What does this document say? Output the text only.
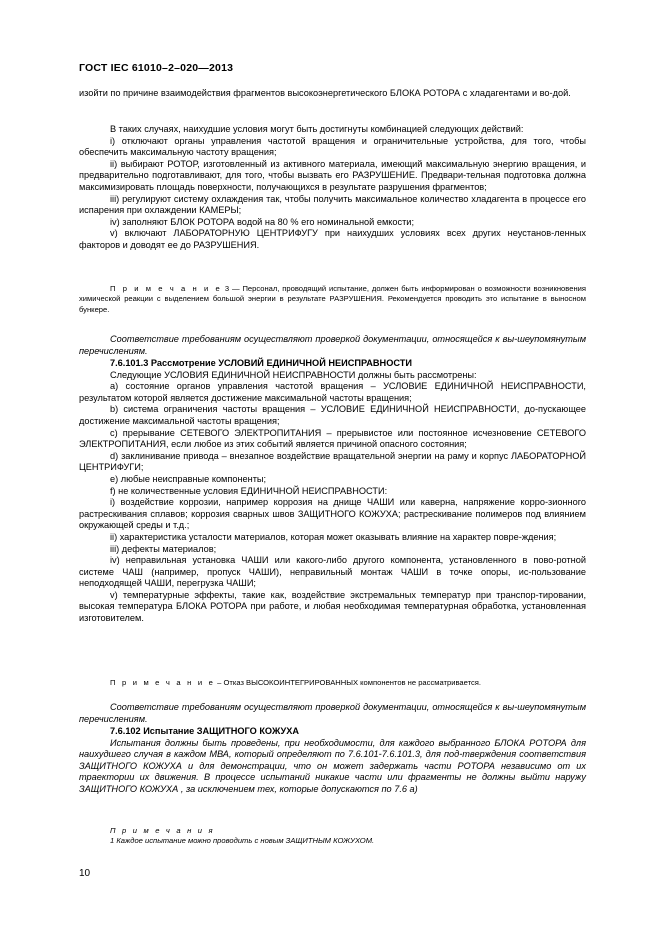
ГОСТ IEC 61010–2–020—2013

изойти по причине взаимодействия фрагментов высокоэнергетического БЛОКА РОТОРА с хладагентами и во-дой.

В таких случаях, наихудшие условия могут быть достигнуты комбинацией следующих действий:

i) отключают органы управления частотой вращения и ограничительные устройства, для того, чтобы обеспечить максимальную частоту вращения;

ii) выбирают РОТОР, изготовленный из активного материала, имеющий максимальную энергию вращения, и предварительно подготавливают, для того, чтобы вызвать его РАЗРУШЕНИЕ. Предвари-тельная подготовка должна максимизировать площадь поверхности, получающихся в результате разрушения фрагментов;

iii) регулируют систему охлаждения так, чтобы получить максимальное количество хладагента в процессе его испарения при охлаждении КАМЕРЫ;

iv) заполняют БЛОК РОТОРА водой на 80 % его номинальной емкости;

v) включают ЛАБОРАТОРНУЮ ЦЕНТРИФУГУ при наихудших условиях всех других неустанов-ленных факторов и доводят ее до РАЗРУШЕНИЯ.

П р и м е ч а н и е 3 — Персонал, проводящий испытание, должен быть информирован о возможности возникновения химической реакции с выделением большой энергии в результате РАЗРУШЕНИЯ. Рекомендуется проводить это испытание в выносном бункере.

Соответствие требованиям осуществляют проверкой документации, относящейся к вы-шеупомянутым перечислениям.

7.6.101.3 Рассмотрение УСЛОВИЙ ЕДИНИЧНОЙ НЕИСПРАВНОСТИ

Следующие УСЛОВИЯ ЕДИНИЧНОЙ НЕИСПРАВНОСТИ должны быть рассмотрены:

a) состояние органов управления частотой вращения – УСЛОВИЕ ЕДИНИЧНОЙ НЕИСПРАВНОСТИ, результатом которой является достижение максимальной частоты вращения;

b) система ограничения частоты вращения – УСЛОВИЕ ЕДИНИЧНОЙ НЕИСПРАВНОСТИ, до-пускающее достижение максимальной частоты вращения;

c) прерывание СЕТЕВОГО ЭЛЕКТРОПИТАНИЯ – прерывистое или постоянное исчезновение СЕТЕВОГО ЭЛЕКТРОПИТАНИЯ, если любое из этих событий является причиной опасного состояния;

d) заклинивание привода – внезапное воздействие вращательной энергии на раму и корпус ЛАБОРАТОРНОЙ ЦЕНТРИФУГИ;

e) любые неисправные компоненты;

f) не количественные условия ЕДИНИЧНОЙ НЕИСПРАВНОСТИ:

i) воздействие коррозии, например коррозия на днище ЧАШИ или каверна, напряжение корро-зионного растрескивания сплавов; коррозия сварных швов ЗАЩИТНОГО КОЖУХА; растрескивание полимеров под влиянием окружающей среды и т.д.;

ii) характеристика усталости материалов, которая может оказывать влияние на характер повре-ждения;

iii) дефекты материалов;

iv) неправильная установка ЧАШИ или какого-либо другого компонента, установленного в пово-ротной системе ЧАШ (например, пропуск ЧАШИ), неправильный монтаж ЧАШИ в точке опоры, ис-пользование неподходящей ЧАШИ, перегрузка ЧАШИ;

v) температурные эффекты, такие как, воздействие экстремальных температур при транспор-тировании, высокая температура БЛОКА РОТОРА при работе, и любая необходимая температурная обработка, установленная изготовителем.

П р и м е ч а н и е – Отказ ВЫСОКОИНТЕГРИРОВАННЫХ компонентов не рассматривается.

Соответствие требованиям осуществляют проверкой документации, относящейся к вы-шеупомянутым перечислениям.

7.6.102 Испытание ЗАЩИТНОГО КОЖУХА

Испытания должны быть проведены, при необходимости, для каждого выбранного БЛОКА РОТОРА для наихудшего случая в каждом МВА, который определяют по 7.6.101-7.6.101.3, для под-тверждения соответствия ЗАЩИТНОГО КОЖУХА и для демонстрации, что он может задержать части РОТОРА независимо от их траектории их движения. В процессе испытаний никакие части или фрагменты не должны выйти наружу ЗАЩИТНОГО КОЖУХА , за исключением тех, которые допускаются по 7.6 а)

П р и м е ч а н и я

1 Каждое испытание можно проводить с новым ЗАЩИТНЫМ КОЖУХОМ.

10
